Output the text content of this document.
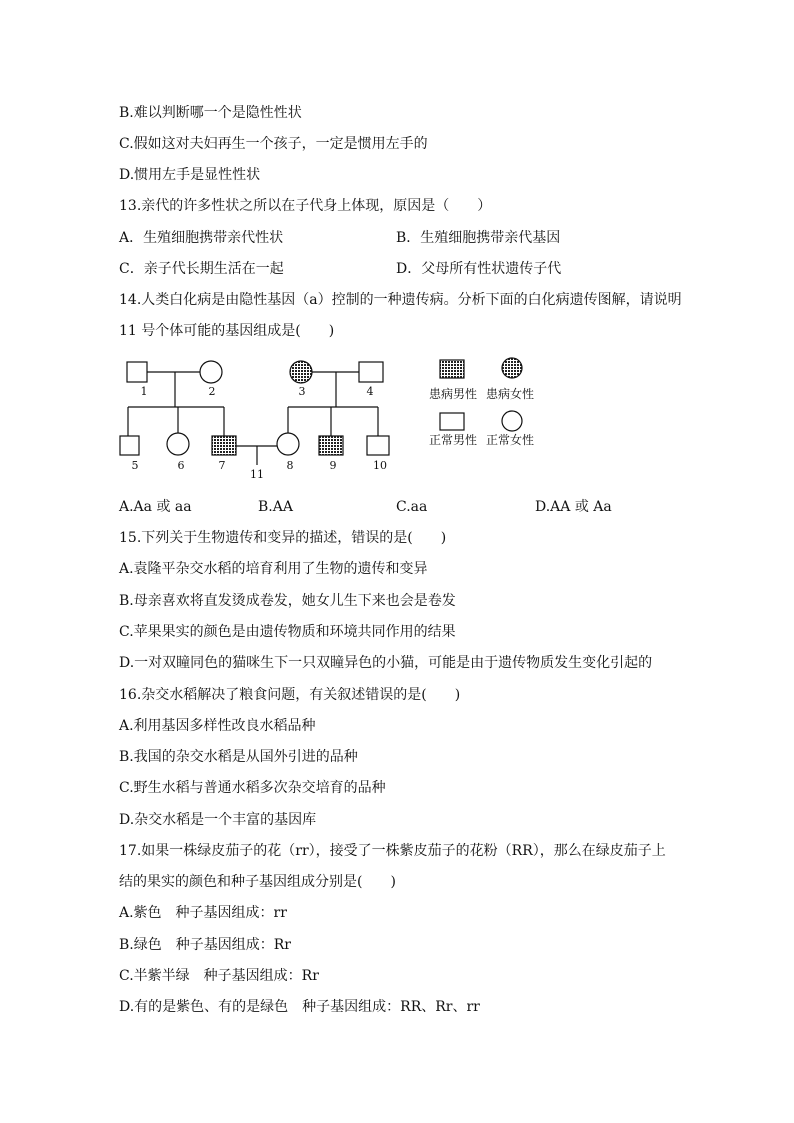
B.难以判断哪一个是隐性性状
C.假如这对夫妇再生一个孩子，一定是惯用左手的
D.惯用左手是显性性状
13.亲代的许多性状之所以在子代身上体现，原因是（　　）
A．生殖细胞携带亲代性状	B．生殖细胞携带亲代基因
C．亲子代长期生活在一起	D．父母所有性状遗传子代
14.人类白化病是由隐性基因（a）控制的一种遗传病。分析下面的白化病遗传图解，请说明
11 号个体可能的基因组成是(　　)
1	2	3	4
5	6	7	8	9	10
11
患病男性 患病女性
正常男性 正常女性
A.Aa 或 aa	B.AA	C.aa	D.AA 或 Aa
15.下列关于生物遗传和变异的描述，错误的是(　　)
A.袁隆平杂交水稻的培育利用了生物的遗传和变异
B.母亲喜欢将直发烫成卷发，她女儿生下来也会是卷发
C.苹果果实的颜色是由遗传物质和环境共同作用的结果
D.一对双瞳同色的猫咪生下一只双瞳异色的小猫，可能是由于遗传物质发生变化引起的
16.杂交水稻解决了粮食问题，有关叙述错误的是(　　)
A.利用基因多样性改良水稻品种
B.我国的杂交水稻是从国外引进的品种
C.野生水稻与普通水稻多次杂交培育的品种
D.杂交水稻是一个丰富的基因库
17.如果一株绿皮茄子的花（rr），接受了一株紫皮茄子的花粉（RR），那么在绿皮茄子上
结的果实的颜色和种子基因组成分别是(　　)
A.紫色　种子基因组成：rr
B.绿色　种子基因组成：Rr
C.半紫半绿　种子基因组成：Rr
D.有的是紫色、有的是绿色　种子基因组成：RR、Rr、rr
